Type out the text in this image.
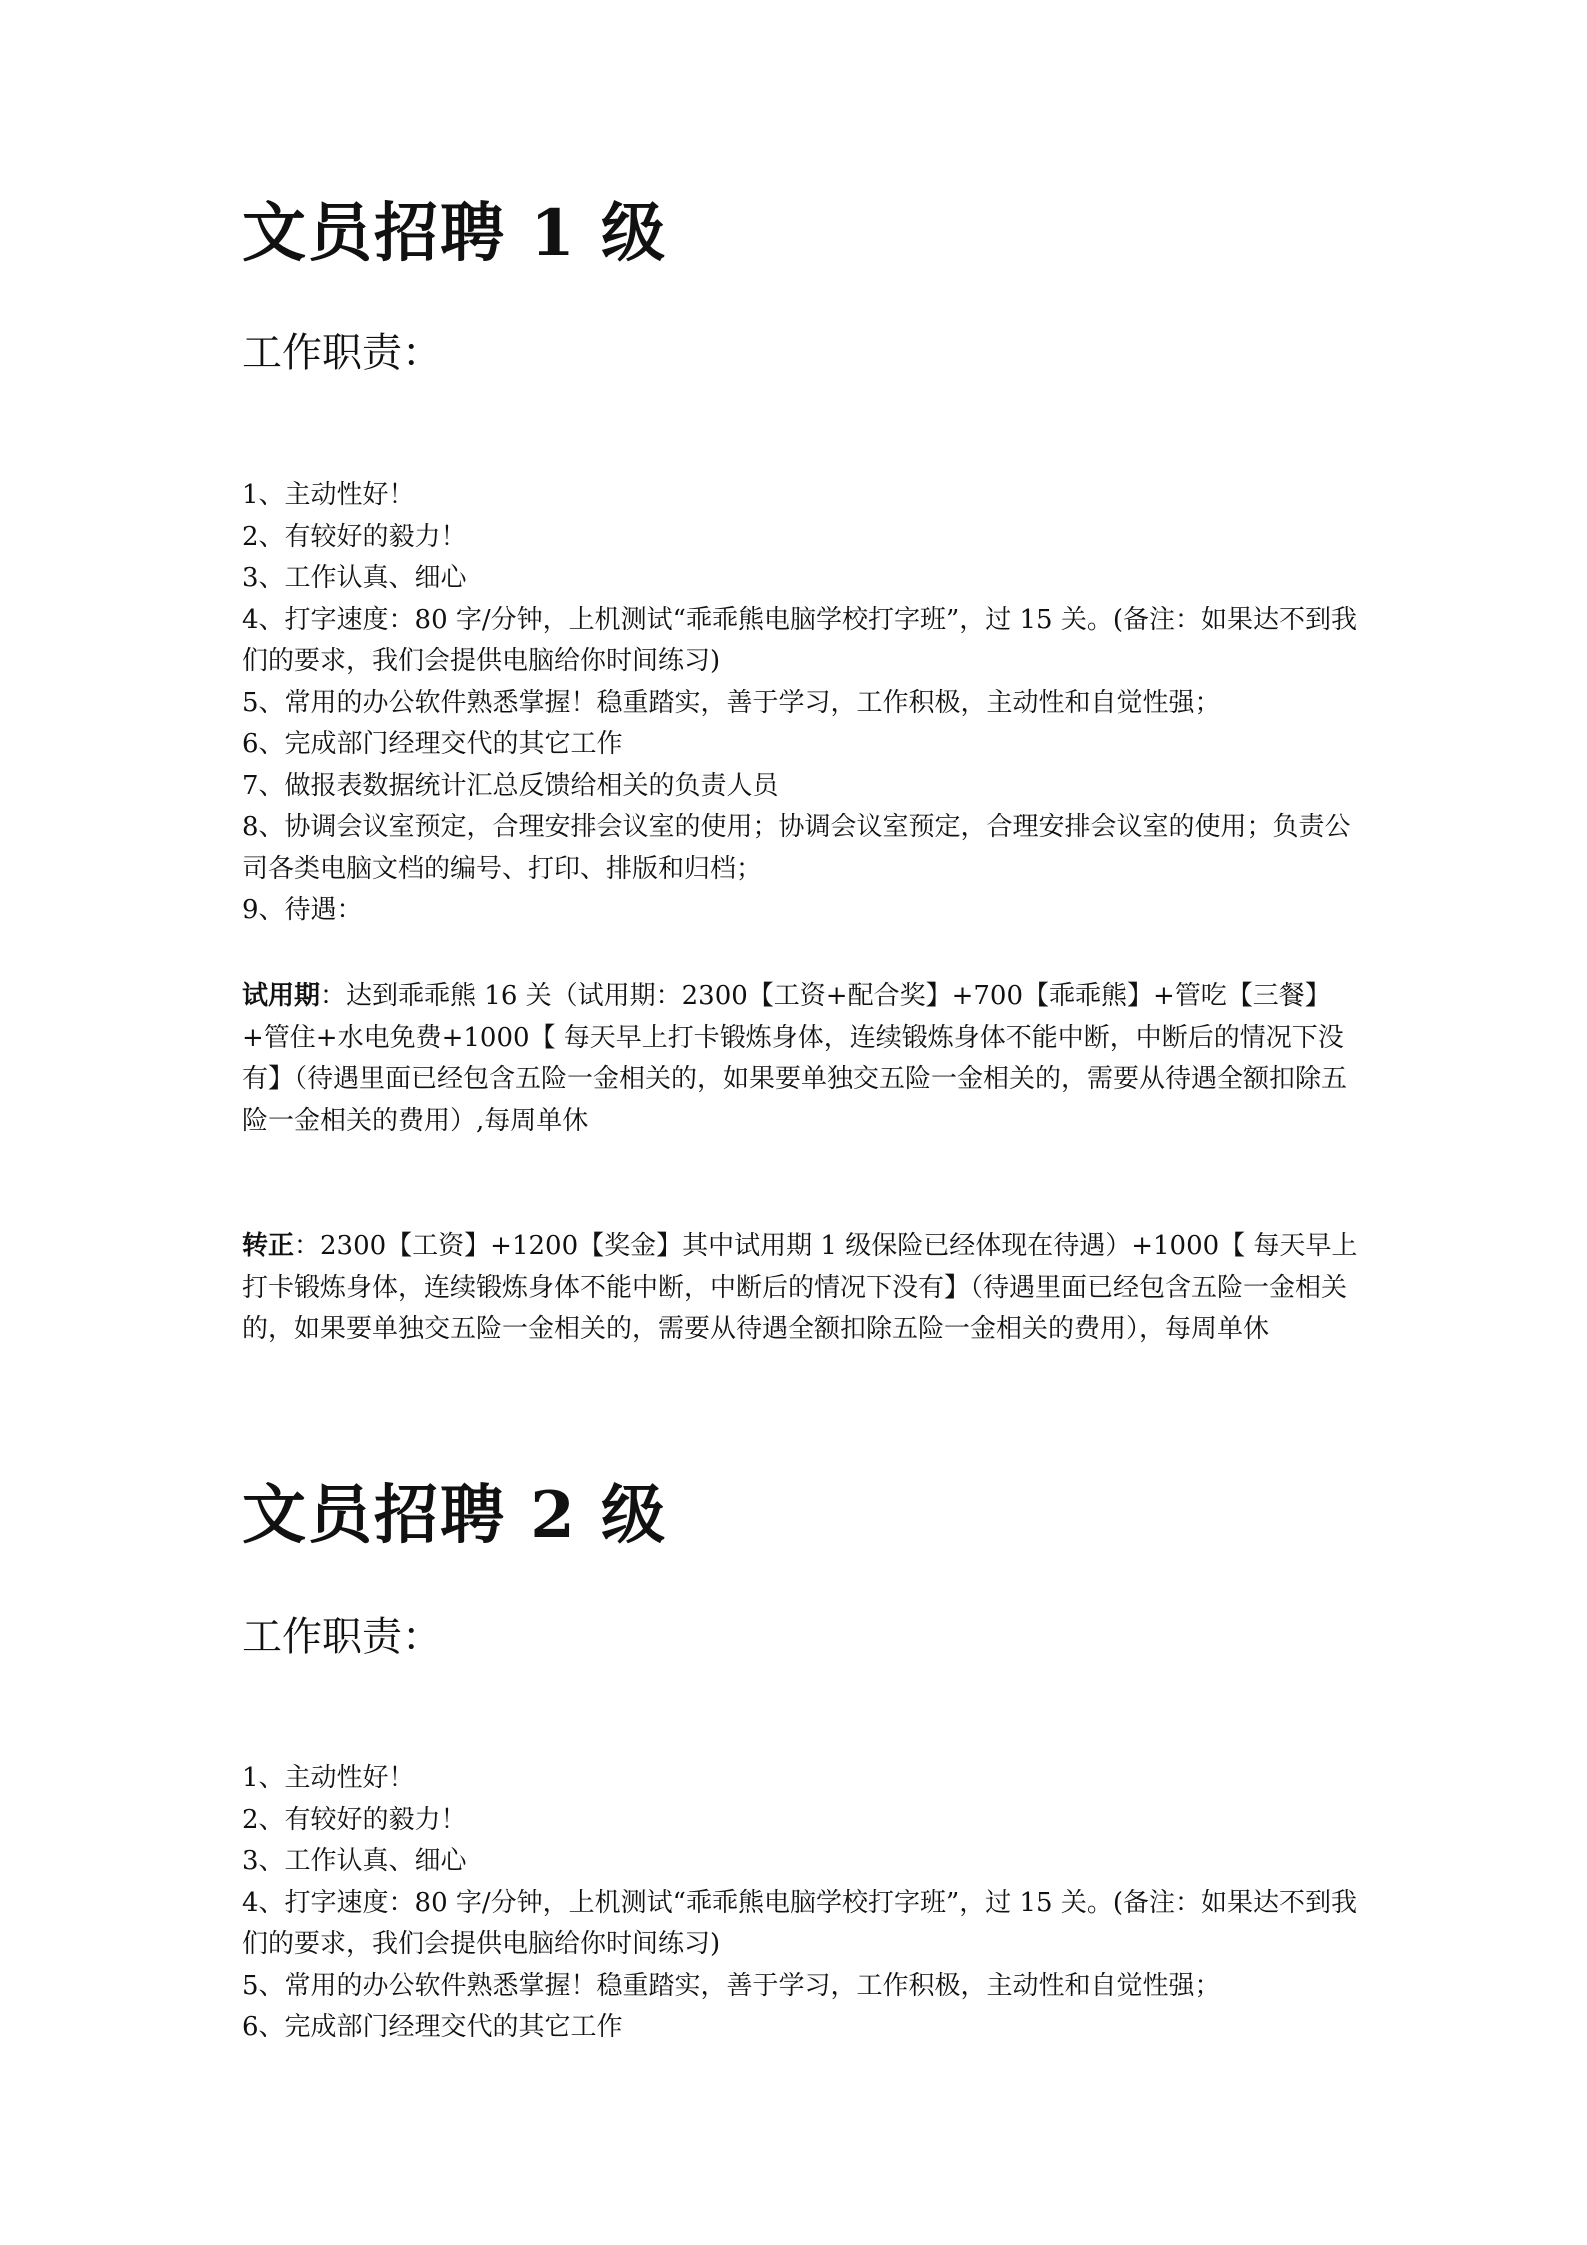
文员招聘 1 级
工作职责：
1、主动性好！
2、有较好的毅力！
3、工作认真、细心
4、打字速度：80 字/分钟，上机测试“乖乖熊电脑学校打字班”，过 15 关。(备注：如果达不到我们的要求，我们会提供电脑给你时间练习)
5、常用的办公软件熟悉掌握！稳重踏实，善于学习，工作积极，主动性和自觉性强；
6、完成部门经理交代的其它工作
7、做报表数据统计汇总反馈给相关的负责人员
8、协调会议室预定，合理安排会议室的使用；协调会议室预定，合理安排会议室的使用；负责公司各类电脑文档的编号、打印、排版和归档；
9、待遇：

试用期：达到乖乖熊 16 关（试用期：2300【工资+配合奖】+700【乖乖熊】+管吃【三餐】+管住+水电免费+1000【 每天早上打卡锻炼身体，连续锻炼身体不能中断，中断后的情况下没有】（待遇里面已经包含五险一金相关的，如果要单独交五险一金相关的，需要从待遇全额扣除五险一金相关的费用）,每周单休

转正：2300【工资】+1200【奖金】其中试用期 1 级保险已经体现在待遇）+1000【 每天早上打卡锻炼身体，连续锻炼身体不能中断，中断后的情况下没有】（待遇里面已经包含五险一金相关的，如果要单独交五险一金相关的，需要从待遇全额扣除五险一金相关的费用），每周单休

文员招聘 2 级
工作职责：
1、主动性好！
2、有较好的毅力！
3、工作认真、细心
4、打字速度：80 字/分钟，上机测试“乖乖熊电脑学校打字班”，过 15 关。(备注：如果达不到我们的要求，我们会提供电脑给你时间练习)
5、常用的办公软件熟悉掌握！稳重踏实，善于学习，工作积极，主动性和自觉性强；
6、完成部门经理交代的其它工作
